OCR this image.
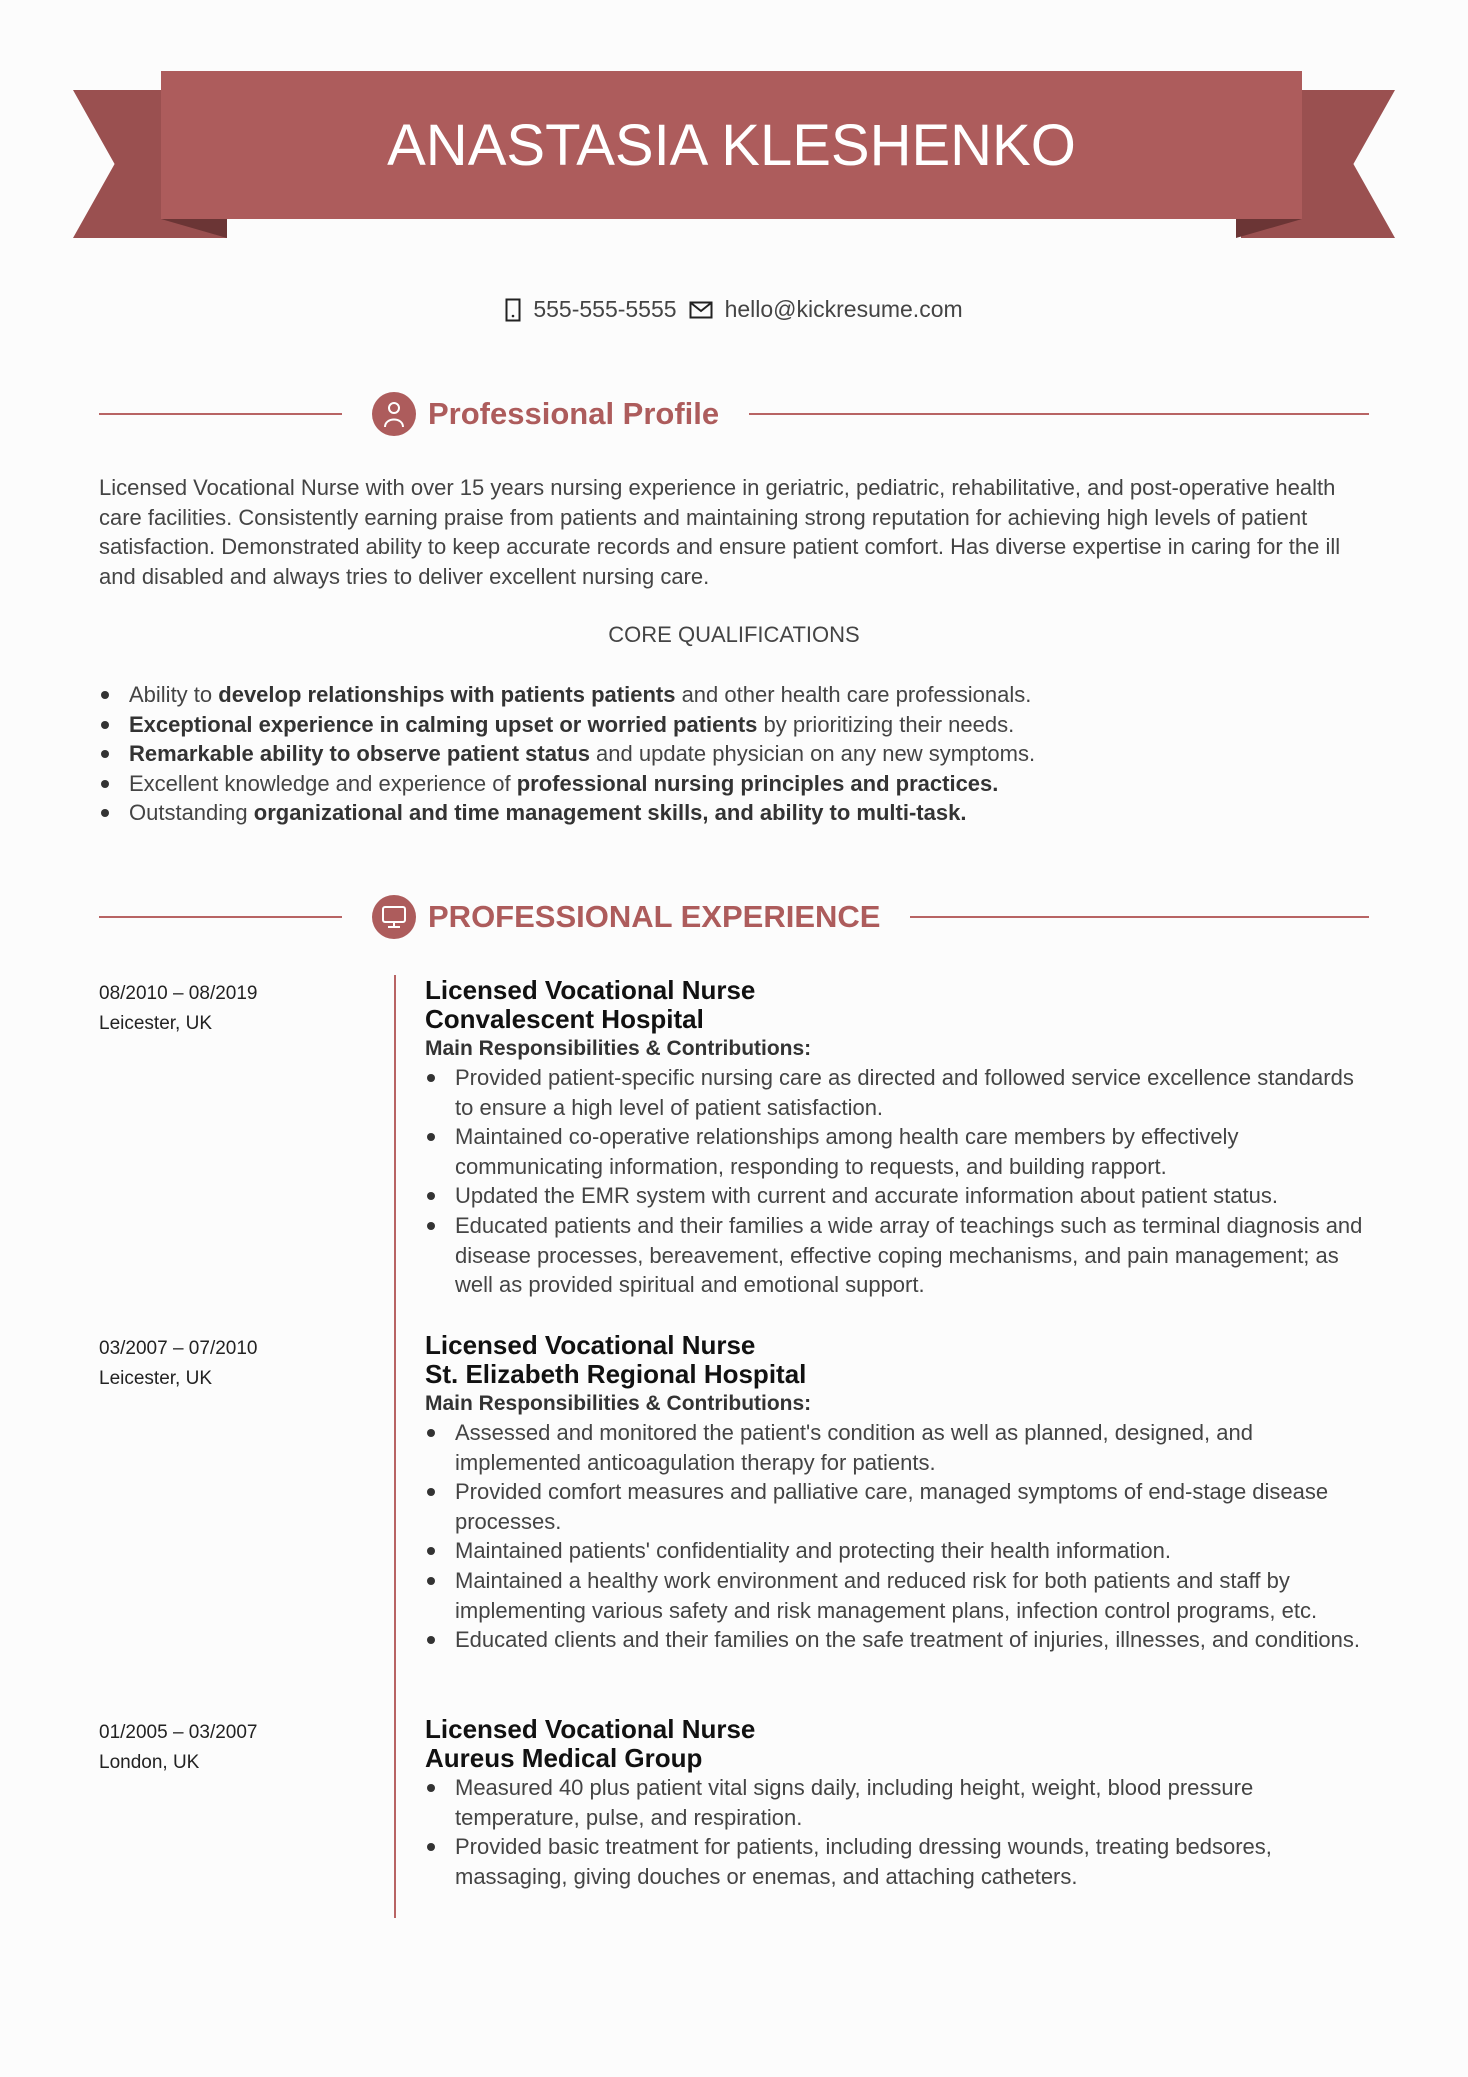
ANASTASIA KLESHENKO
555-555-5555 hello@kickresume.com
Professional Profile
Licensed Vocational Nurse with over 15 years nursing experience in geriatric, pediatric, rehabilitative, and post-operative health care facilities. Consistently earning praise from patients and maintaining strong reputation for achieving high levels of patient satisfaction. Demonstrated ability to keep accurate records and ensure patient comfort. Has diverse expertise in caring for the ill and disabled and always tries to deliver excellent nursing care.
CORE QUALIFICATIONS
Ability to develop relationships with patients patients and other health care professionals.
Exceptional experience in calming upset or worried patients by prioritizing their needs.
Remarkable ability to observe patient status and update physician on any new symptoms.
Excellent knowledge and experience of professional nursing principles and practices.
Outstanding organizational and time management skills, and ability to multi-task.
PROFESSIONAL EXPERIENCE
08/2010 – 08/2019
Leicester, UK
Licensed Vocational Nurse
Convalescent Hospital
Main Responsibilities & Contributions:
Provided patient-specific nursing care as directed and followed service excellence standards to ensure a high level of patient satisfaction.
Maintained co-operative relationships among health care members by effectively communicating information, responding to requests, and building rapport.
Updated the EMR system with current and accurate information about patient status.
Educated patients and their families a wide array of teachings such as terminal diagnosis and disease processes, bereavement, effective coping mechanisms, and pain management; as well as provided spiritual and emotional support.
03/2007 – 07/2010
Leicester, UK
Licensed Vocational Nurse
St. Elizabeth Regional Hospital
Main Responsibilities & Contributions:
Assessed and monitored the patient's condition as well as planned, designed, and implemented anticoagulation therapy for patients.
Provided comfort measures and palliative care, managed symptoms of end-stage disease processes.
Maintained patients' confidentiality and protecting their health information.
Maintained a healthy work environment and reduced risk for both patients and staff by implementing various safety and risk management plans, infection control programs, etc.
Educated clients and their families on the safe treatment of injuries, illnesses, and conditions.
01/2005 – 03/2007
London, UK
Licensed Vocational Nurse
Aureus Medical Group
Measured 40 plus patient vital signs daily, including height, weight, blood pressure temperature, pulse, and respiration.
Provided basic treatment for patients, including dressing wounds, treating bedsores, massaging, giving douches or enemas, and attaching catheters.
